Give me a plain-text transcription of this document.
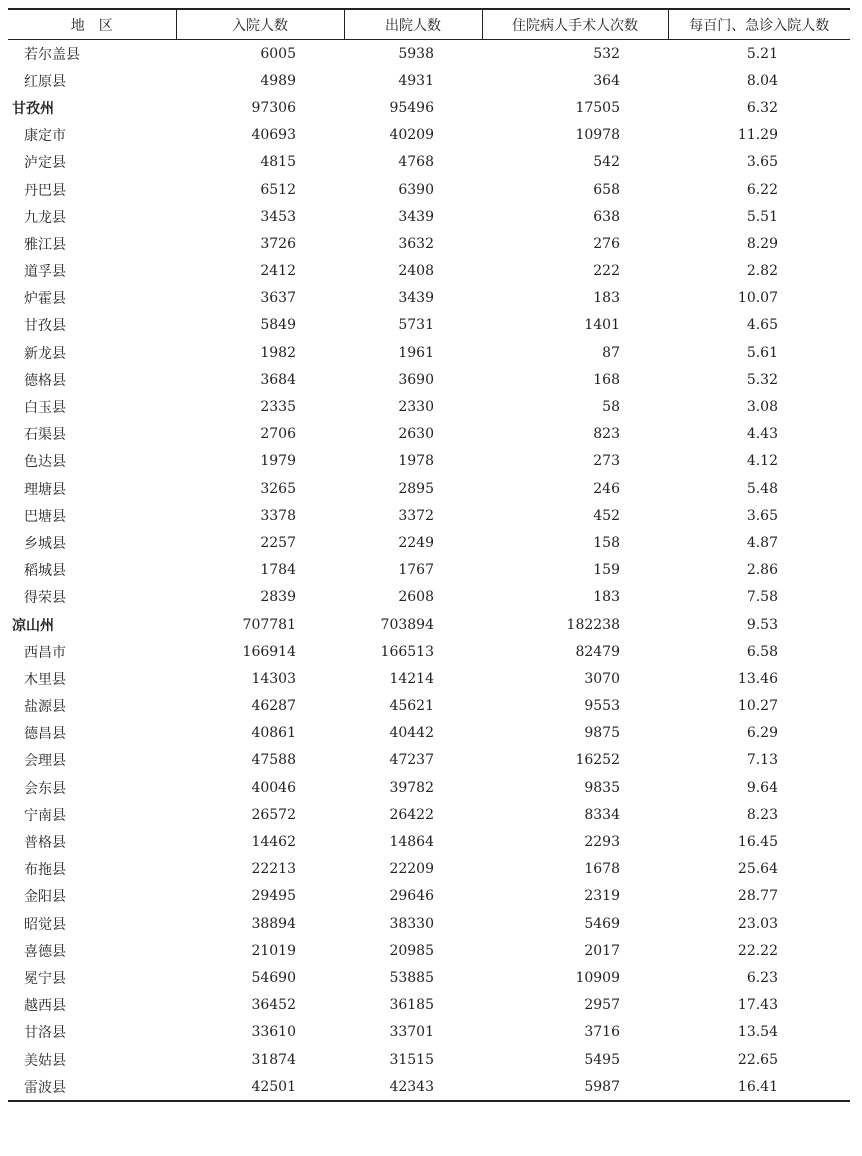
地　区	入院人数	出院人数	住院病人手术人次数	每百门、急诊入院人数
若尔盖县	6005	5938	532	5.21
红原县	4989	4931	364	8.04
甘孜州	97306	95496	17505	6.32
康定市	40693	40209	10978	11.29
泸定县	4815	4768	542	3.65
丹巴县	6512	6390	658	6.22
九龙县	3453	3439	638	5.51
雅江县	3726	3632	276	8.29
道孚县	2412	2408	222	2.82
炉霍县	3637	3439	183	10.07
甘孜县	5849	5731	1401	4.65
新龙县	1982	1961	87	5.61
德格县	3684	3690	168	5.32
白玉县	2335	2330	58	3.08
石渠县	2706	2630	823	4.43
色达县	1979	1978	273	4.12
理塘县	3265	2895	246	5.48
巴塘县	3378	3372	452	3.65
乡城县	2257	2249	158	4.87
稻城县	1784	1767	159	2.86
得荣县	2839	2608	183	7.58
凉山州	707781	703894	182238	9.53
西昌市	166914	166513	82479	6.58
木里县	14303	14214	3070	13.46
盐源县	46287	45621	9553	10.27
德昌县	40861	40442	9875	6.29
会理县	47588	47237	16252	7.13
会东县	40046	39782	9835	9.64
宁南县	26572	26422	8334	8.23
普格县	14462	14864	2293	16.45
布拖县	22213	22209	1678	25.64
金阳县	29495	29646	2319	28.77
昭觉县	38894	38330	5469	23.03
喜德县	21019	20985	2017	22.22
冕宁县	54690	53885	10909	6.23
越西县	36452	36185	2957	17.43
甘洛县	33610	33701	3716	13.54
美姑县	31874	31515	5495	22.65
雷波县	42501	42343	5987	16.41
